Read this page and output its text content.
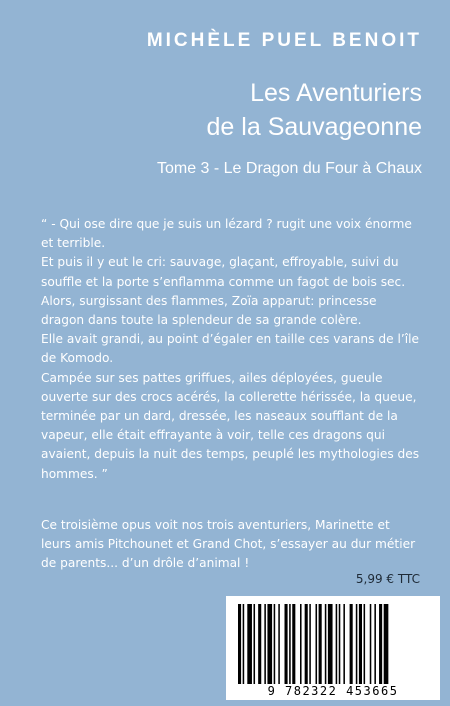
MICHÈLE PUEL BENOIT
Les Aventuriers
de la Sauvageonne
Tome 3 - Le Dragon du Four à Chaux

“ - Qui ose dire que je suis un lézard ? rugit une voix énorme et terrible.

Et puis il y eut le cri: sauvage, glaçant, effroyable, suivi du souffle et la porte s’enflamma comme un fagot de bois sec.

Alors, surgissant des flammes, Zoïa apparut: princesse dragon dans toute la splendeur de sa grande colère.

Elle avait grandi, au point d’égaler en taille ces varans de l’île de Komodo.

Campée sur ses pattes griffues, ailes déployées, gueule ouverte sur des crocs acérés, la collerette hérissée, la queue, terminée par un dard, dressée, les naseaux soufflant de la vapeur, elle était effrayante à voir, telle ces dragons qui avaient, depuis la nuit des temps, peuplé les mythologies des hommes. ”

Ce troisième opus voit nos trois aventuriers, Marinette et leurs amis Pitchounet et Grand Chot, s’essayer au dur métier de parents... d’un drôle d’animal !

5,99 € TTC
9 782322 453665
